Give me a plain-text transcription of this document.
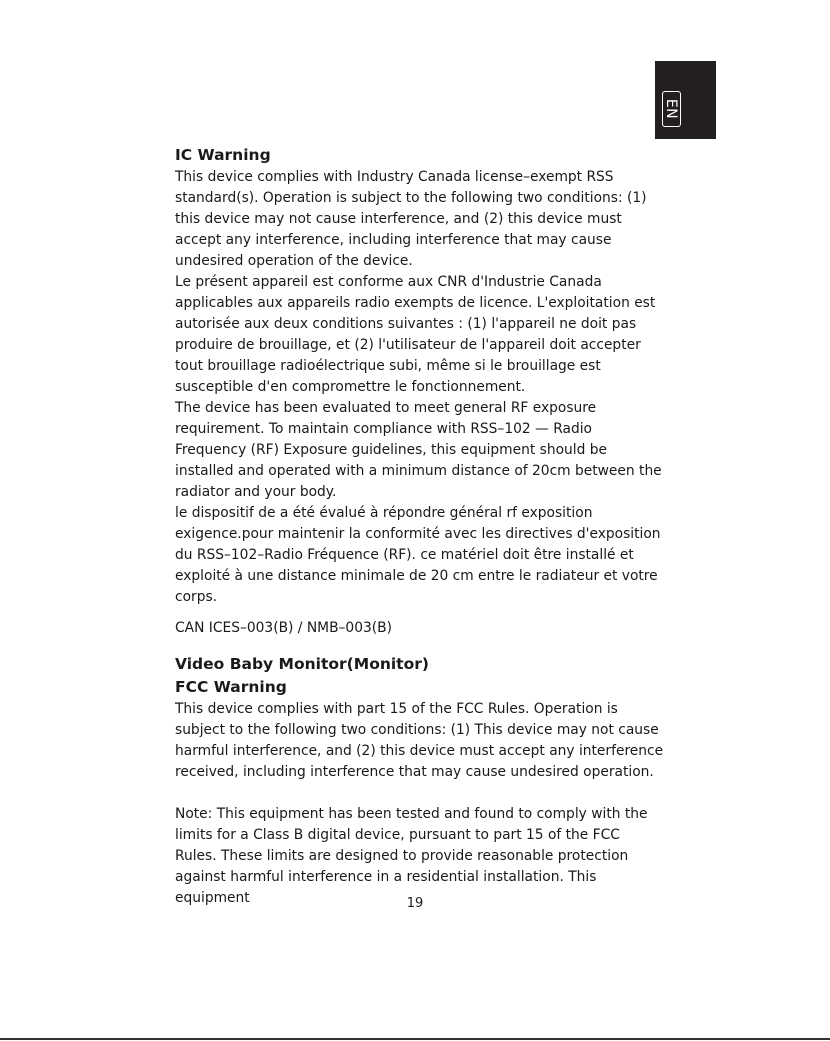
EN
IC Warning

This device complies with Industry Canada license–exempt RSS standard(s). Operation is subject to the following two conditions: (1) this device may not cause interference, and (2) this device must accept any interference, including interference that may cause undesired operation of the device.

Le présent appareil est conforme aux CNR d'Industrie Canada applicables aux appareils radio exempts de licence. L'exploitation est autorisée aux deux conditions suivantes : (1) l'appareil ne doit pas produire de brouillage, et (2) l'utilisateur de l'appareil doit accepter tout brouillage radioélectrique subi, même si le brouillage est susceptible d'en compromettre le fonctionnement.

The device has been evaluated to meet general RF exposure requirement. To maintain compliance with RSS–102 — Radio Frequency (RF) Exposure guidelines, this equipment should be installed and operated with a minimum distance of 20cm between the radiator and your body.

le dispositif de a été évalué à répondre général rf exposition exigence.pour maintenir la conformité avec les directives d'exposition du RSS–102–Radio Fréquence (RF). ce matériel doit être installé et exploité à une distance minimale de 20 cm entre le radiateur et votre corps.

CAN ICES–003(B) / NMB–003(B)

Video Baby Monitor(Monitor)
FCC Warning

This device complies with part 15 of the FCC Rules. Operation is subject to the following two conditions: (1) This device may not cause harmful interference, and (2) this device must accept any interference received, including interference that may cause undesired operation.

Note: This equipment has been tested and found to comply with the limits for a Class B digital device, pursuant to part 15 of the FCC Rules. These limits are designed to provide reasonable protection against harmful interference in a residential installation. This equipment	19
